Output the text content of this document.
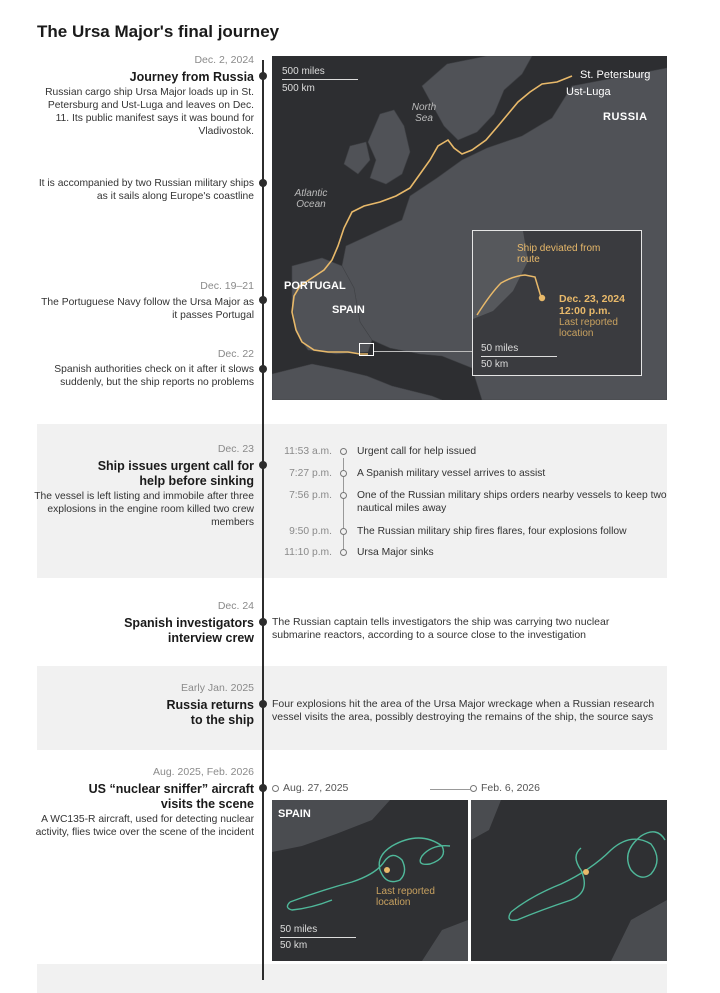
The Ursa Major's final journey
Dec. 2, 2024
Journey from Russia
Russian cargo ship Ursa Major loads up in St. Petersburg and Ust-Luga and leaves on Dec. 11. Its public manifest says it was bound for Vladivostok.
It is accompanied by two Russian military ships as it sails along Europe's coastline
Dec. 19–21
The Portuguese Navy follow the Ursa Major as it passes Portugal
Dec. 22
Spanish authorities check on it after it slows suddenly, but the ship reports no problems
Dec. 23
Ship issues urgent call for help before sinking
The vessel is left listing and immobile after three explosions in the engine room killed two crew members
11:53 a.m. Urgent call for help issued
7:27 p.m. A Spanish military vessel arrives to assist
7:56 p.m. One of the Russian military ships orders nearby vessels to keep two nautical miles away
9:50 p.m. The Russian military ship fires flares, four explosions follow
11:10 p.m. Ursa Major sinks
Dec. 24
Spanish investigators interview crew
The Russian captain tells investigators the ship was carrying two nuclear submarine reactors, according to a source close to the investigation
Early Jan. 2025
Russia returns to the ship
Four explosions hit the area of the Ursa Major wreckage when a Russian research vessel visits the area, possibly destroying the remains of the ship, the source says
Aug. 2025, Feb. 2026
US “nuclear sniffer” aircraft visits the scene
A WC135-R aircraft, used for detecting nuclear activity, flies twice over the scene of the incident
500 miles
500 km
St. Petersburg
Ust-Luga
RUSSIA
North Sea
Atlantic Ocean
PORTUGAL
SPAIN
Ship deviated from route
Dec. 23, 2024
12:00 p.m.
Last reported location
50 miles
50 km
Aug. 27, 2025	Feb. 6, 2026
SPAIN
Last reported location
50 miles
50 km
